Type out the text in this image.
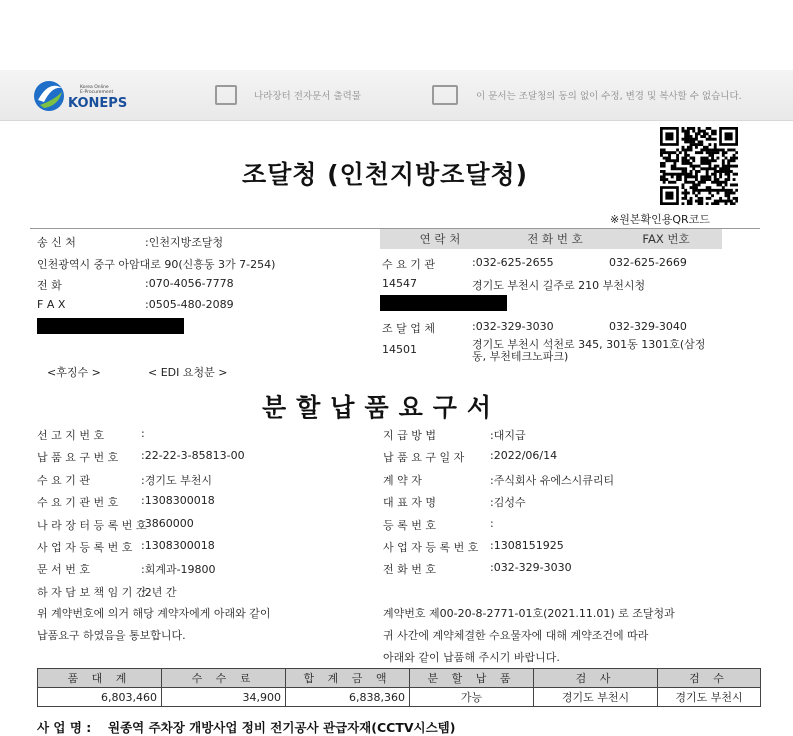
Korea Online
E-Procurement
KONEPS	나라장터 전자문서 출력물	이 문서는 조달청의 동의 없이 수정, 변경 및 복사할 수 없습니다.
조달청 (인천지방조달청)
※원본확인용QR코드
송 신 처	:인천지방조달청
인천광역시 중구 아암대로 90(신흥동 3가 7-254)
전 화	:070-4056-7778
F A X	:0505-480-2089
연 락 처	전 화 번 호	FAX 번호
수 요 기 관	:032-625-2655	032-625-2669
14547	경기도 부천시 길주로 210 부천시청
조 달 업 체	:032-329-3030	032-329-3040
14501	경기도 부천시 석천로 345, 301동 1301호(삼정
동, 부천테크노파크)
<후징수 >	< EDI 요청분 >
분할납품요구서
선 고 지 번 호	:
납 품 요 구 번 호 :22-22-3-85813-00
수 요 기 관	:경기도 부천시
수 요 기 관 번 호 :1308300018
나 라 장 터 등 록 번 호
:3860000
사 업 자 등 록 번 호 :1308300018
문 서 번 호	:회계과-19800
하 자 담 보 책 임 기 간
:2년 간
지 급 방 법	:대지급
납 품 요 구 일 자 :2022/06/14
계 약 자	:주식회사 유에스시큐리티
대 표 자 명	:김성수
등 록 번 호	:
사 업 자 등 록 번 호 :1308151925
전 화 번 호	:032-329-3030
위 계약번호에 의거 해당 계약자에게 아래와 같이
납품요구 하였음을 통보합니다.
계약번호 제00-20-8-2771-01호(2021.11.01) 로 조달청과
귀 사간에 계약체결한 수요물자에 대해 계약조건에 따라
아래와 같이 납품해 주시기 바랍니다.
품 대 계	수 수 료	합 계 금 액	분 할 납 품	검 사	검 수
6,803,460	34,900	6,838,360	가능	경기도 부천시	경기도 부천시
사 업 명 : 원종역 주차장 개방사업 정비 전기공사 관급자재(CCTV시스템)
